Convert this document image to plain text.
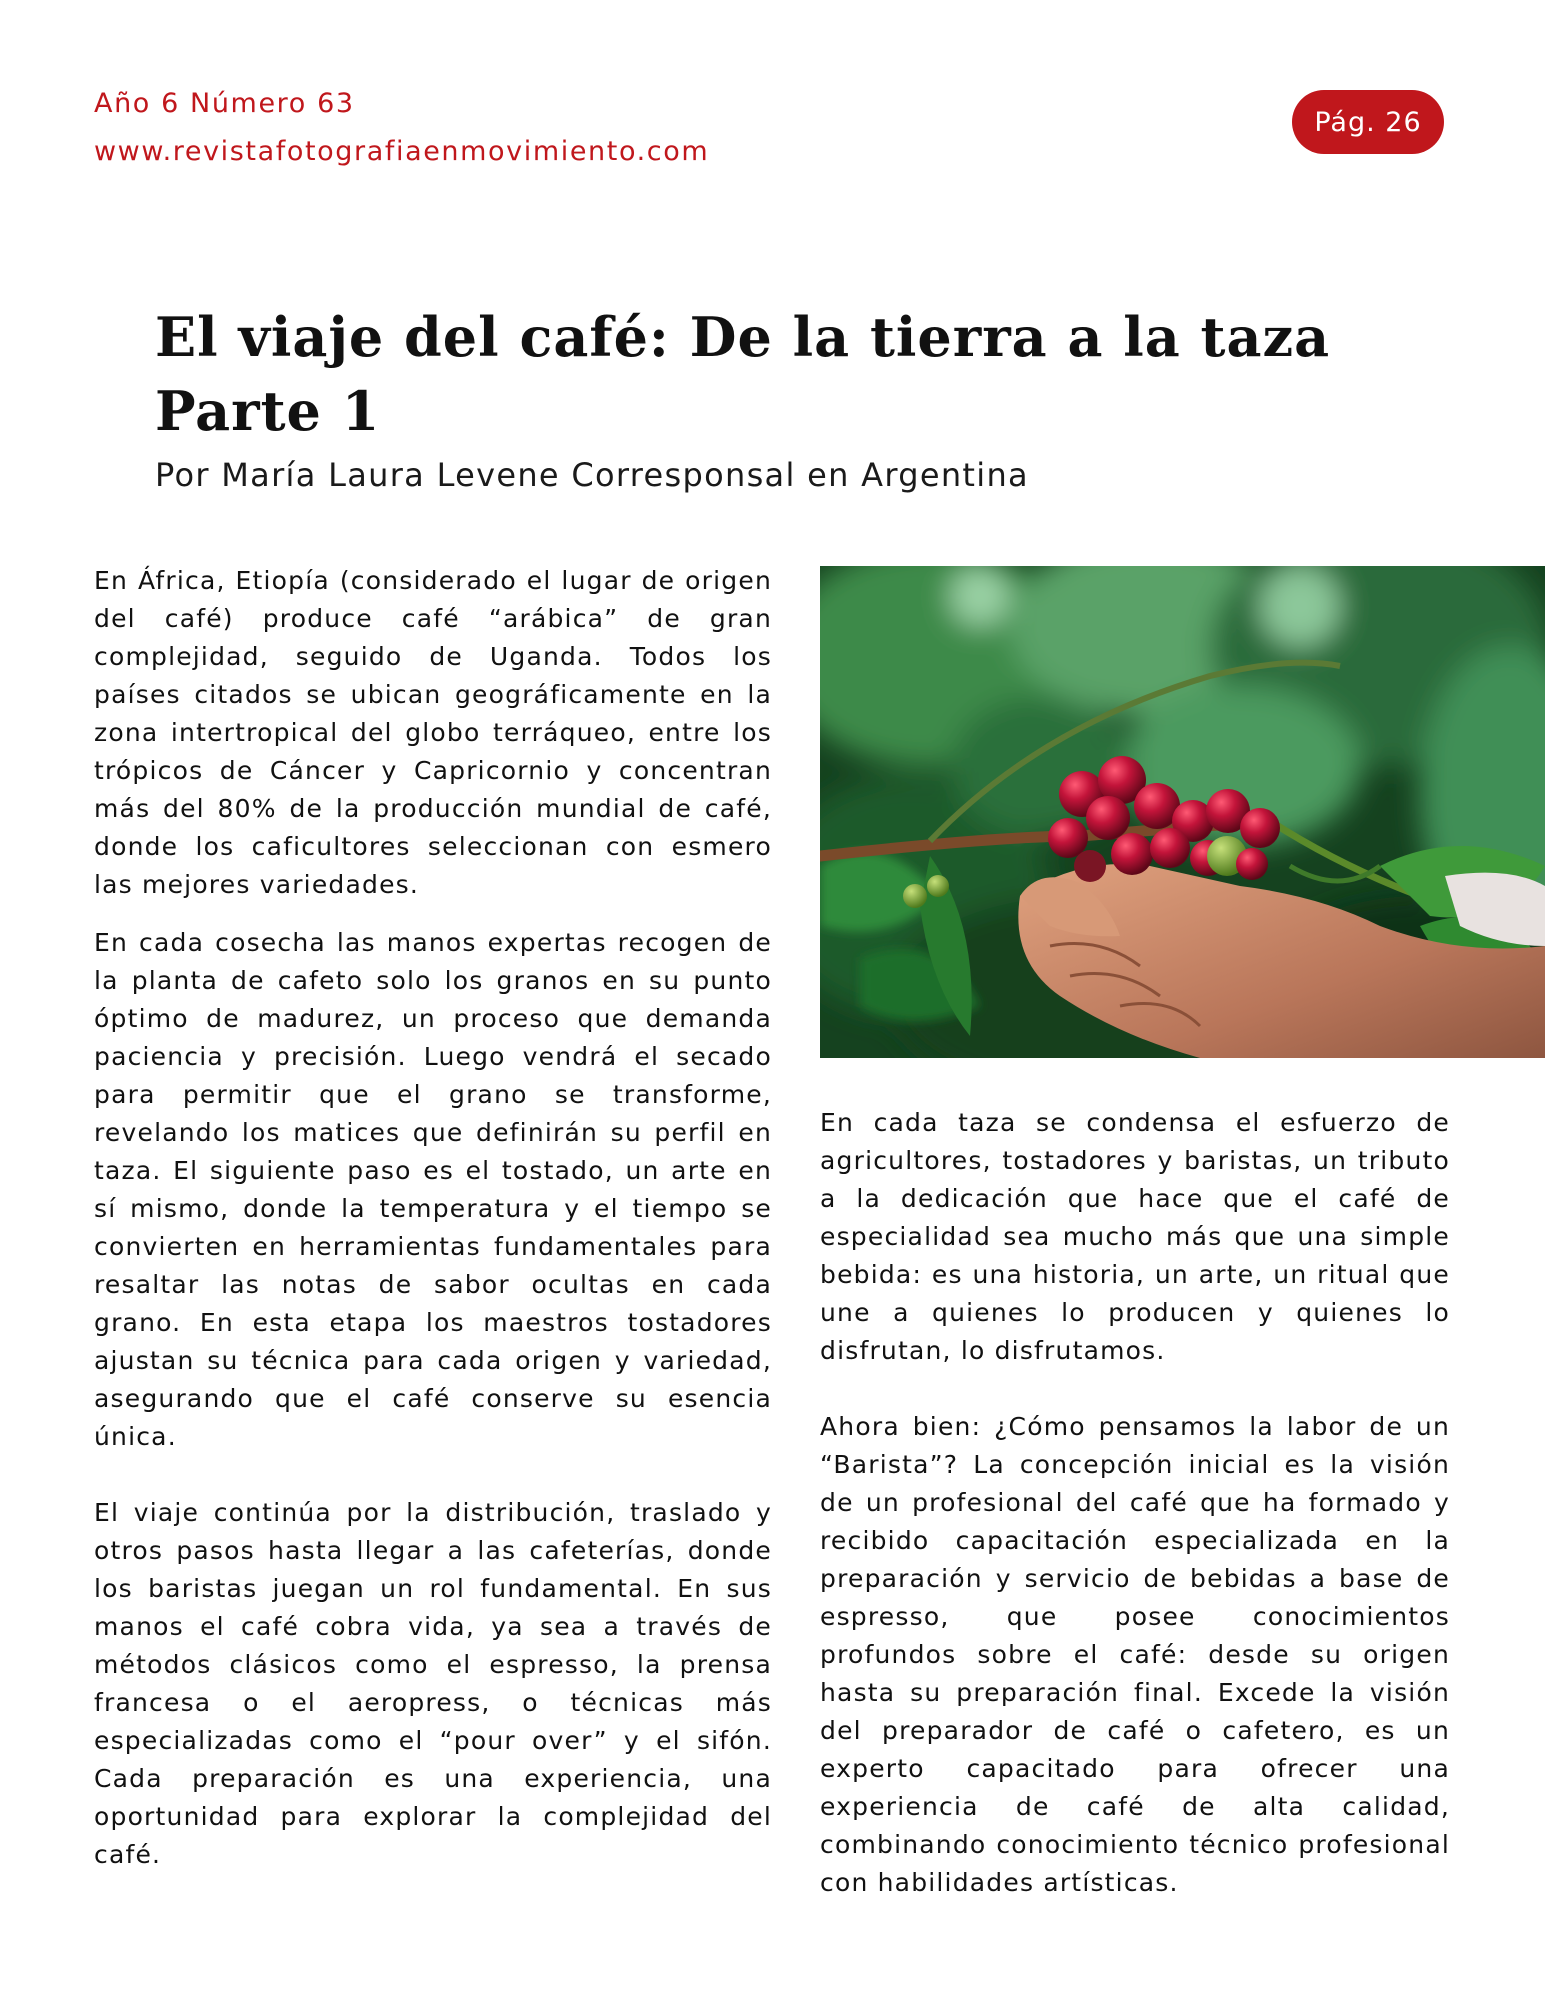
Año 6 Número 63
www.revistafotografiaenmovimiento.com
Pág. 26
El viaje del café: De la tierra a la taza
Parte 1
Por María Laura Levene Corresponsal en Argentina

En África, Etiopía (considerado el lugar de origen del café) produce café “arábica” de gran complejidad, seguido de Uganda. Todos los países citados se ubican geográficamente en la zona intertropical del globo terráqueo, entre los trópicos de Cáncer y Capricornio y concentran más del 80% de la producción mundial de café, donde los caficultores seleccionan con esmero las mejores variedades.

En cada cosecha las manos expertas recogen de la planta de cafeto solo los granos en su punto óptimo de madurez, un proceso que demanda paciencia y precisión. Luego vendrá el secado para permitir que el grano se transforme, revelando los matices que definirán su perfil en taza. El siguiente paso es el tostado, un arte en sí mismo, donde la temperatura y el tiempo se convierten en herramientas fundamentales para resaltar las notas de sabor ocultas en cada grano. En esta etapa los maestros tostadores ajustan su técnica para cada origen y variedad, asegurando que el café conserve su esencia única.

El viaje continúa por la distribución, traslado y otros pasos hasta llegar a las cafeterías, donde los baristas juegan un rol fundamental. En sus manos el café cobra vida, ya sea a través de métodos clásicos como el espresso, la prensa francesa o el aeropress, o técnicas más especializadas como el “pour over” y el sifón. Cada preparación es una experiencia, una oportunidad para explorar la complejidad del café.

En cada taza se condensa el esfuerzo de agricultores, tostadores y baristas, un tributo a la dedicación que hace que el café de especialidad sea mucho más que una simple bebida: es una historia, un arte, un ritual que une a quienes lo producen y quienes lo disfrutan, lo disfrutamos.

Ahora bien: ¿Cómo pensamos la labor de un “Barista”? La concepción inicial es la visión de un profesional del café que ha formado y recibido capacitación especializada en la preparación y servicio de bebidas a base de espresso, que posee conocimientos profundos sobre el café: desde su origen hasta su preparación final. Excede la visión del preparador de café o cafetero, es un experto capacitado para ofrecer una experiencia de café de alta calidad, combinando conocimiento técnico profesional con habilidades artísticas.
